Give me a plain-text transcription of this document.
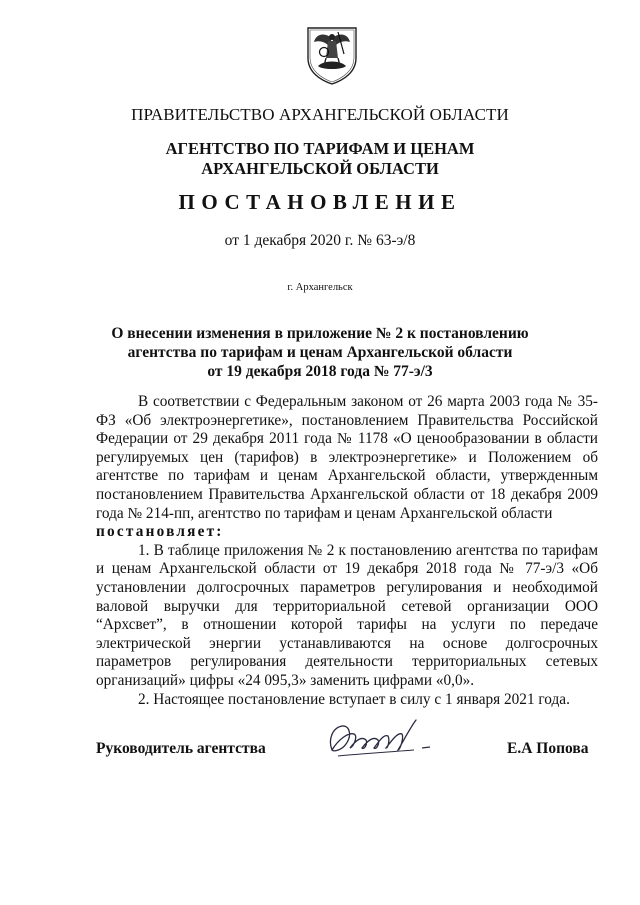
ПРАВИТЕЛЬСТВО АРХАНГЕЛЬСКОЙ ОБЛАСТИ
АГЕНТСТВО ПО ТАРИФАМ И ЦЕНАМ
АРХАНГЕЛЬСКОЙ ОБЛАСТИ
ПОСТАНОВЛЕНИЕ
от 1 декабря 2020 г. № 63-э/8
г. Архангельск
О внесении изменения в приложение № 2 к постановлению
агентства по тарифам и ценам Архангельской области
от 19 декабря 2018 года № 77-э/3

В соответствии с Федеральным законом от 26 марта 2003 года № 35-ФЗ «Об электроэнергетике», постановлением Правительства Российской Федерации от 29 декабря 2011 года № 1178 «О ценообразовании в области регулируемых цен (тарифов) в электроэнергетике» и Положением об агентстве по тарифам и ценам Архангельской области, утвержденным постановлением Правительства Архангельской области от 18 декабря 2009 года № 214-пп, агентство по тарифам и ценам Архангельской области

постановляет:

1. В таблице приложения № 2 к постановлению агентства по тарифам и ценам Архангельской области от 19 декабря 2018 года № 77-э/3 «Об установлении долгосрочных параметров регулирования и необходимой валовой выручки для территориальной сетевой организации ООО “Архсвет”, в отношении которой тарифы на услуги по передаче электрической энергии устанавливаются на основе долгосрочных параметров регулирования деятельности территориальных сетевых организаций» цифры «24 095,3» заменить цифрами «0,0».

2. Настоящее постановление вступает в силу с 1 января 2021 года.

Руководитель агентства	Е.А Попова
